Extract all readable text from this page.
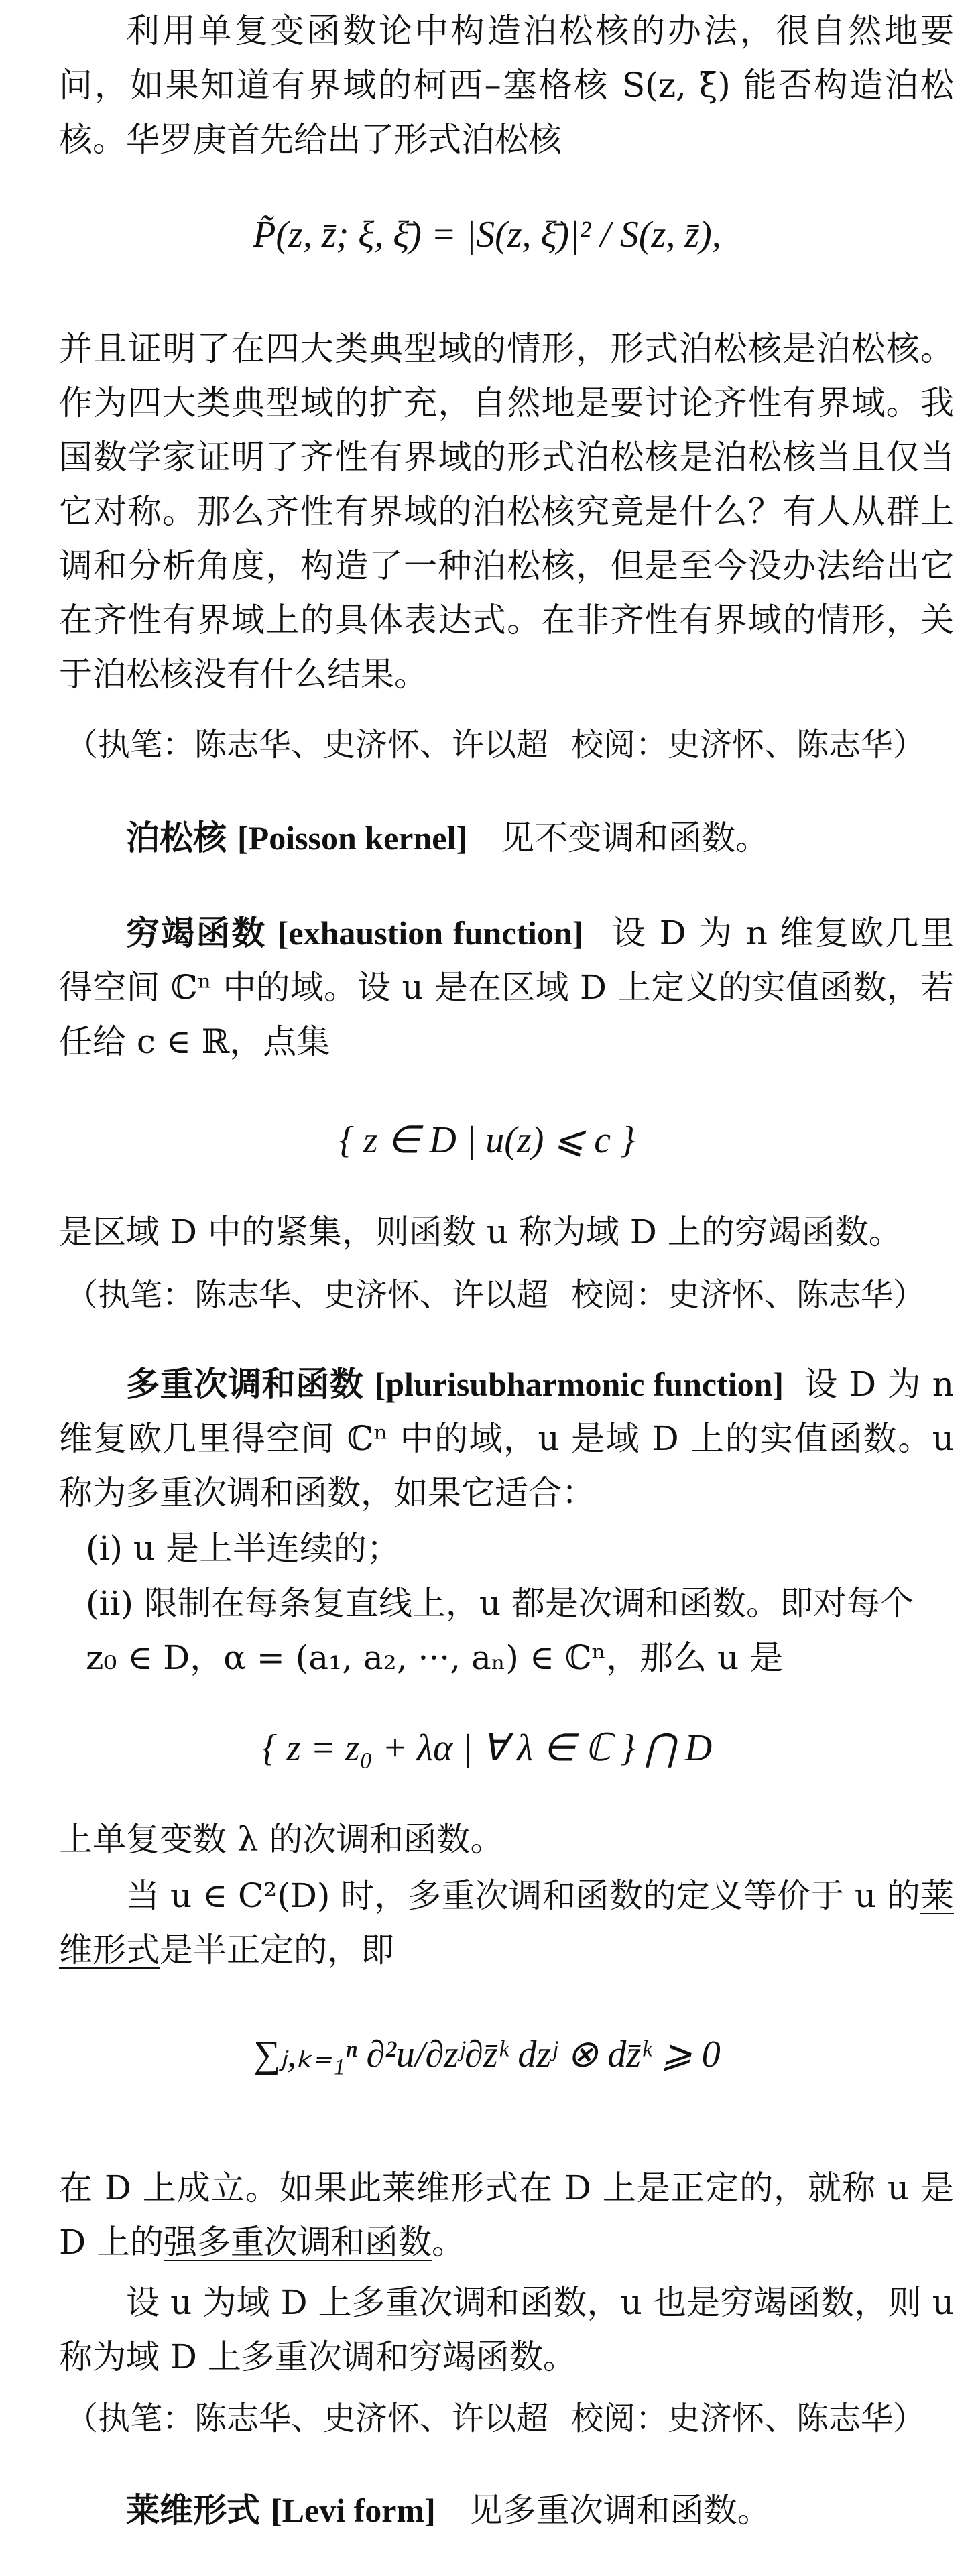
利用单复变函数论中构造泊松核的办法，很自然地要问，如果知道有界域的柯西–塞格核 S(z, ξ̄) 能否构造泊松核。华罗庚首先给出了形式泊松核

P̃(z, z̄; ξ, ξ̄) = |S(z, ξ̄)|² / S(z, z̄),

并且证明了在四大类典型域的情形，形式泊松核是泊松核。作为四大类典型域的扩充，自然地是要讨论齐性有界域。我国数学家证明了齐性有界域的形式泊松核是泊松核当且仅当它对称。那么齐性有界域的泊松核究竟是什么？有人从群上调和分析角度，构造了一种泊松核，但是至今没办法给出它在齐性有界域上的具体表达式。在非齐性有界域的情形，关于泊松核没有什么结果。

（执笔：陈志华、史济怀、许以超 校阅：史济怀、陈志华）

泊松核 [Poisson kernel] 见不变调和函数。

穷竭函数 [exhaustion function] 设 D 为 n 维复欧几里得空间 ℂⁿ 中的域。设 u 是在区域 D 上定义的实值函数，若任给 c ∈ ℝ，点集

{ z ∈ D | u(z) ⩽ c }

是区域 D 中的紧集，则函数 u 称为域 D 上的穷竭函数。

（执笔：陈志华、史济怀、许以超 校阅：史济怀、陈志华）

多重次调和函数 [plurisubharmonic function] 设 D 为 n 维复欧几里得空间 ℂⁿ 中的域，u 是域 D 上的实值函数。u 称为多重次调和函数，如果它适合：

(i) u 是上半连续的；

(ii) 限制在每条复直线上，u 都是次调和函数。即对每个 z₀ ∈ D，α = (a₁, a₂, ···, aₙ) ∈ ℂⁿ，那么 u 是

{ z = z₀ + λα | ∀ λ ∈ ℂ } ⋂ D

上单复变数 λ 的次调和函数。

当 u ∈ C²(D) 时，多重次调和函数的定义等价于 u 的莱维形式是半正定的，即

∑ⱼ,ₖ₌₁ⁿ ∂²u/∂zʲ∂z̄ᵏ dzʲ ⊗ dz̄ᵏ ⩾ 0

在 D 上成立。如果此莱维形式在 D 上是正定的，就称 u 是 D 上的强多重次调和函数。

设 u 为域 D 上多重次调和函数，u 也是穷竭函数，则 u 称为域 D 上多重次调和穷竭函数。

（执笔：陈志华、史济怀、许以超 校阅：史济怀、陈志华）

莱维形式 [Levi form] 见多重次调和函数。
